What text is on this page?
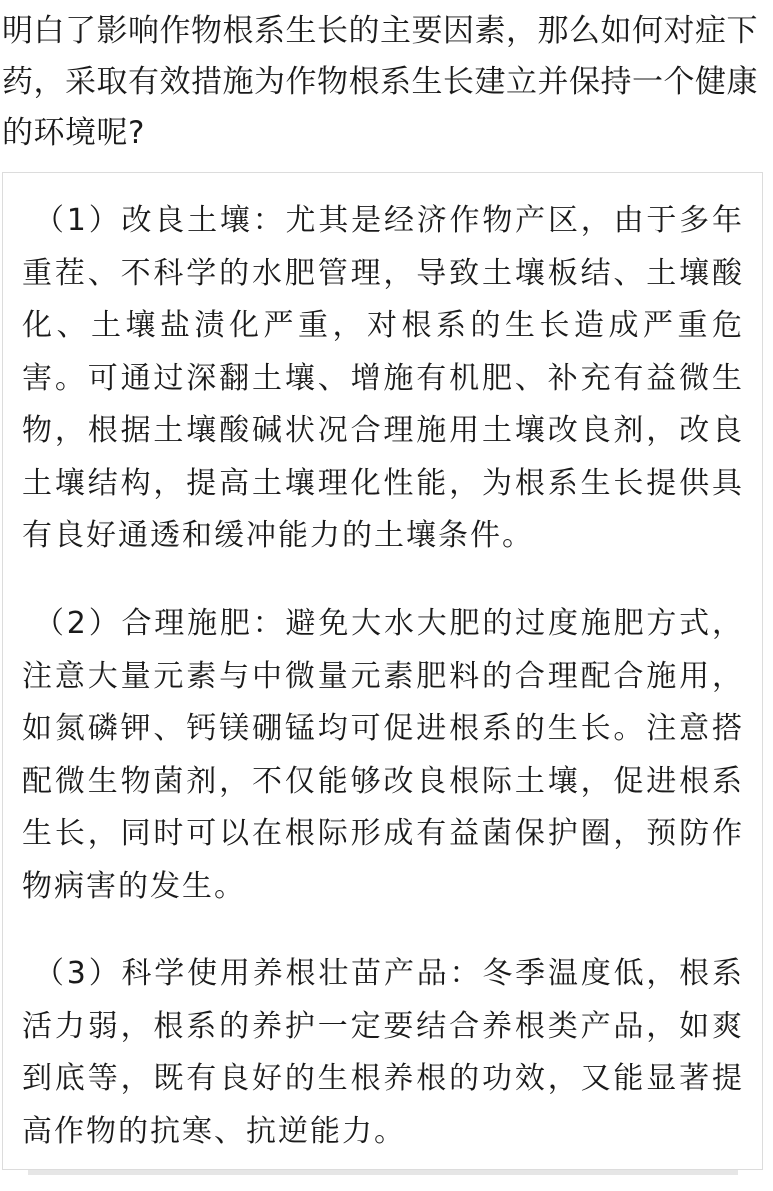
明白了影响作物根系生长的主要因素，那么如何对症下药，采取有效措施为作物根系生长建立并保持一个健康的环境呢?

（1）改良土壤：尤其是经济作物产区，由于多年重茬、不科学的水肥管理，导致土壤板结、土壤酸化、土壤盐渍化严重，对根系的生长造成严重危害。可通过深翻土壤、增施有机肥、补充有益微生物，根据土壤酸碱状况合理施用土壤改良剂，改良土壤结构，提高土壤理化性能，为根系生长提供具有良好通透和缓冲能力的土壤条件。

（2）合理施肥：避免大水大肥的过度施肥方式，注意大量元素与中微量元素肥料的合理配合施用，如氮磷钾、钙镁硼锰均可促进根系的生长。注意搭配微生物菌剂，不仅能够改良根际土壤，促进根系生长，同时可以在根际形成有益菌保护圈，预防作物病害的发生。

（3）科学使用养根壮苗产品：冬季温度低，根系活力弱，根系的养护一定要结合养根类产品，如爽到底等，既有良好的生根养根的功效，又能显著提高作物的抗寒、抗逆能力。
